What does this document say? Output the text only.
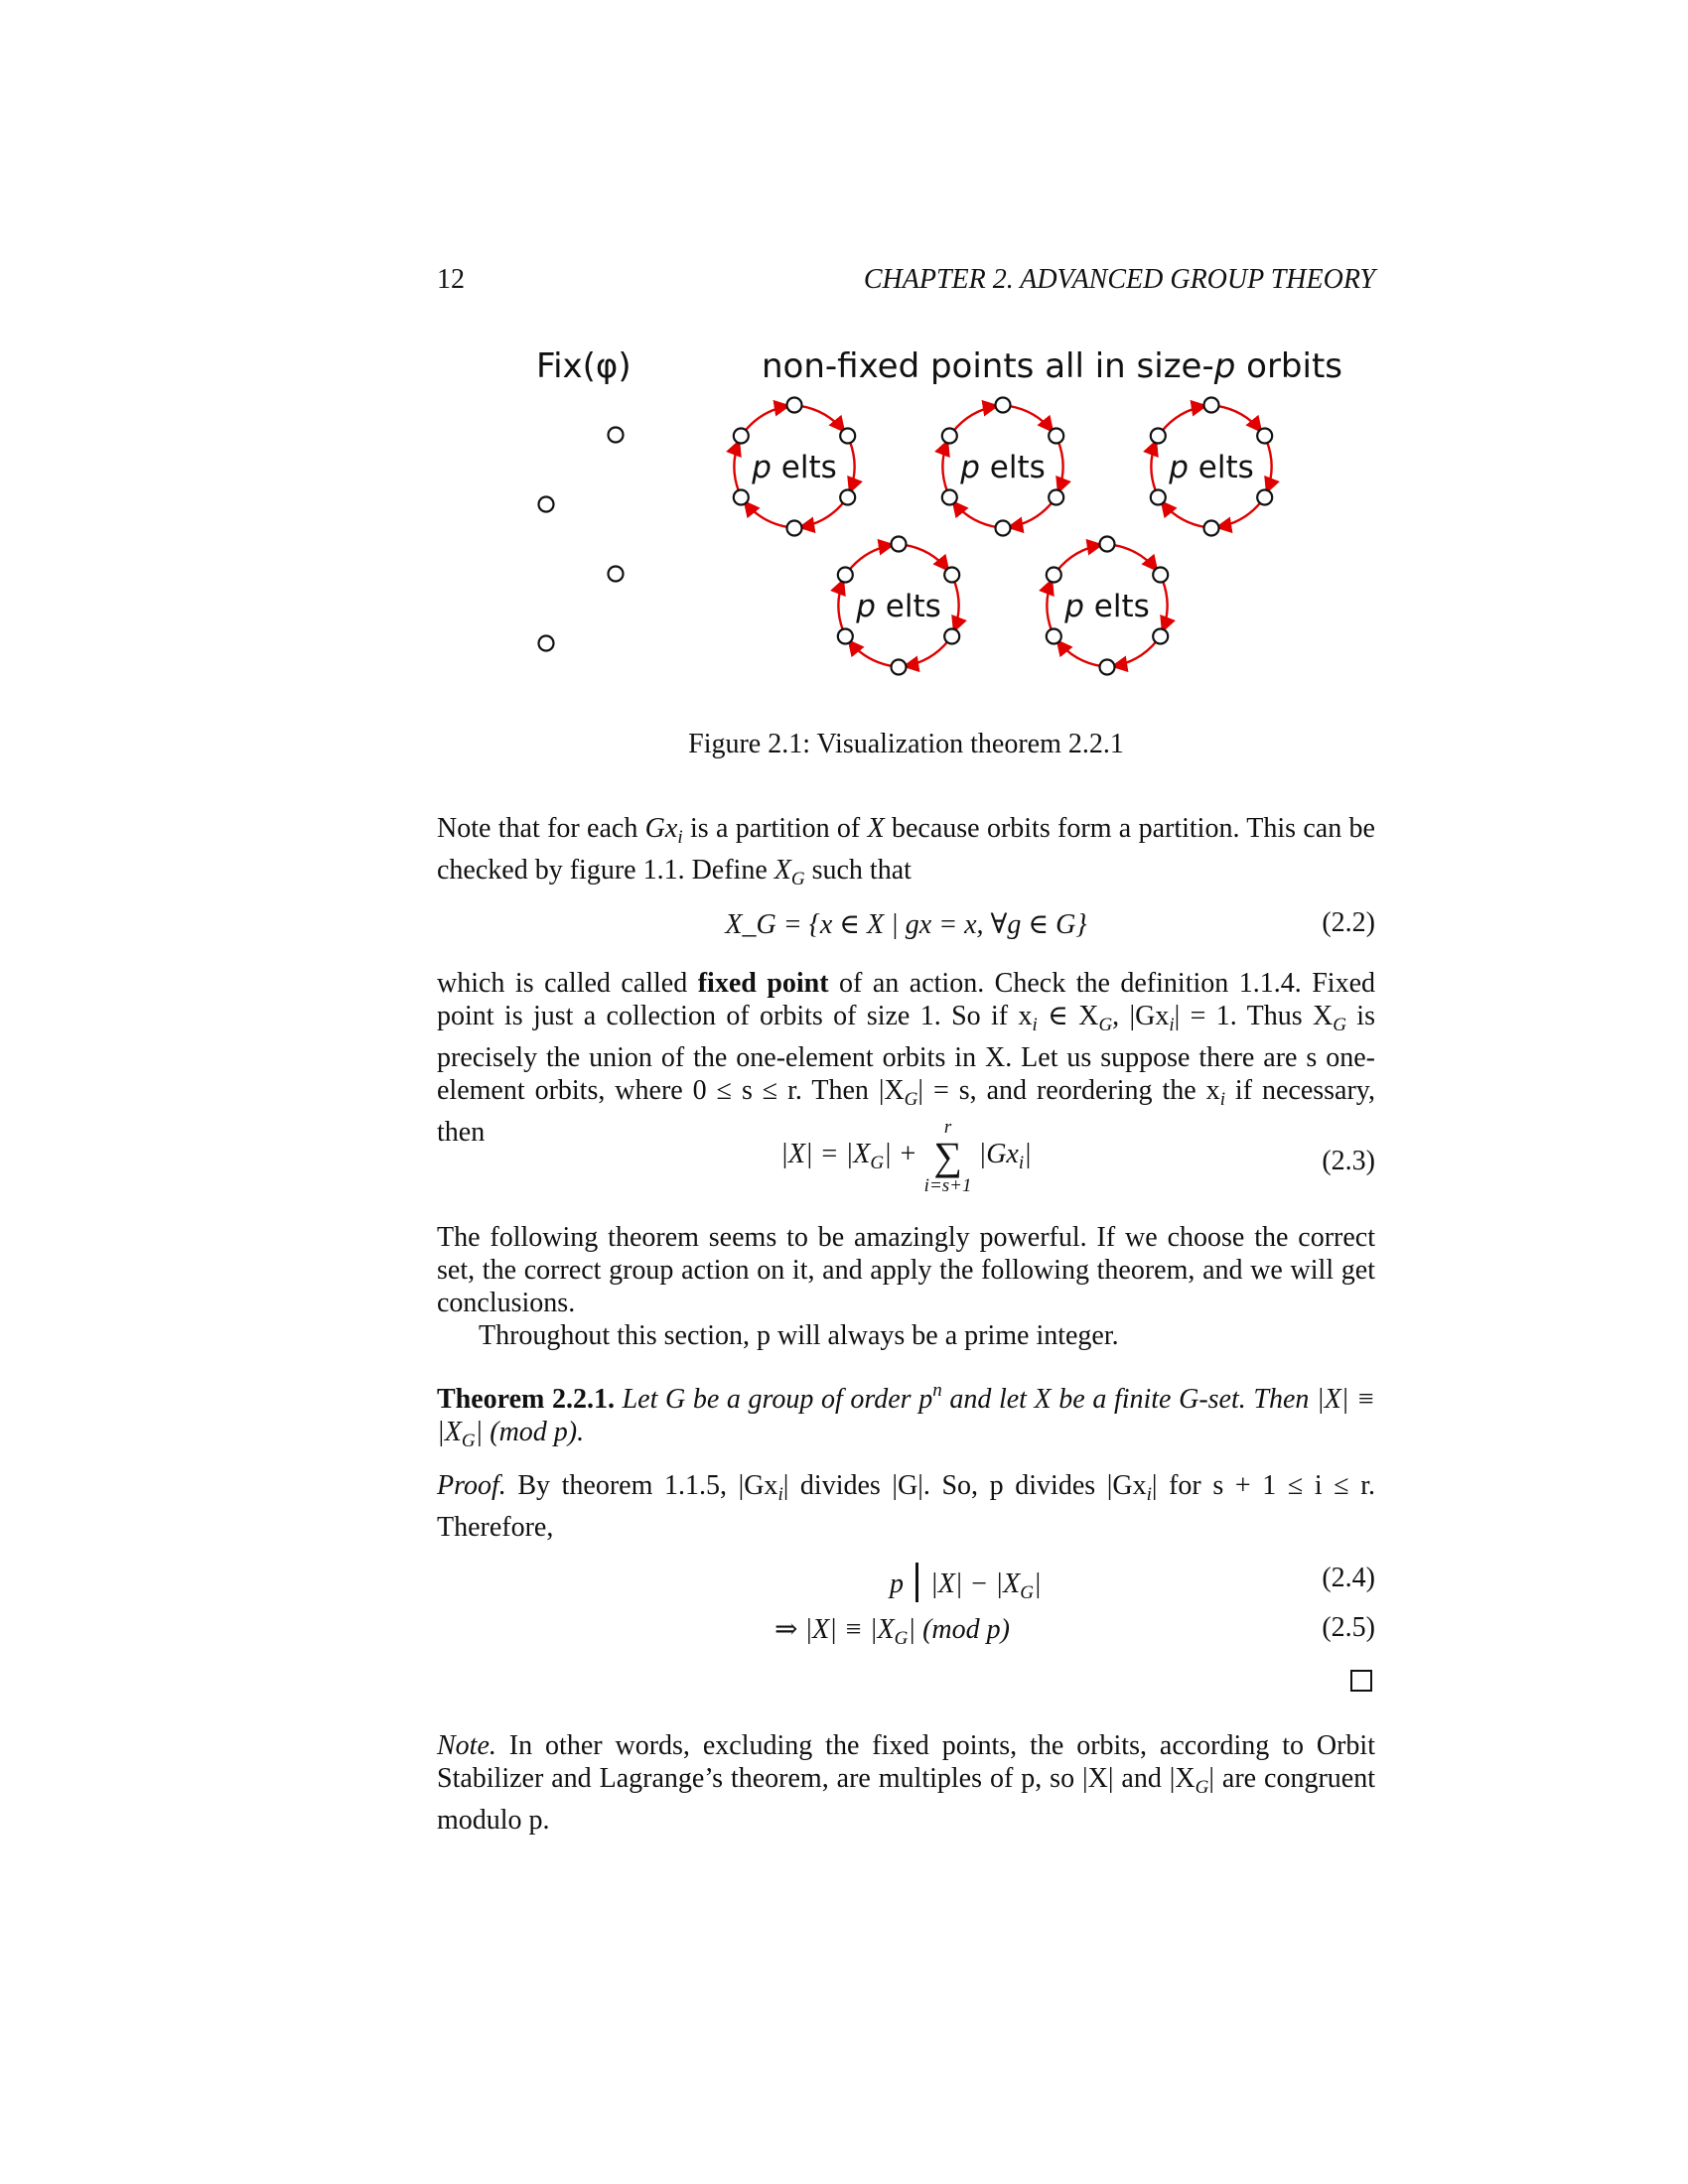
12	CHAPTER 2. ADVANCED GROUP THEORY
Fix(φ)	non-fixed points all in size-p orbits
p elts	p elts	p elts
p elts	p elts
Figure 2.1: Visualization theorem 2.2.1
Note that for each $Gx_i$ is a partition of X because orbits form a partition. This can be checked by figure 1.1. Define $X_G$ such that
X_G = {x ∈ X | gx = x, ∀g ∈ G}	(2.2)
which is called called fixed point of an action. Check the definition 1.1.4. Fixed point is just a collection of orbits of size 1. So if $x_i$ ∈ $X_G$, $|Gx_i| = 1$. Thus $X_G$ is precisely the union of the one-element orbits in X. Let us suppose there are s one-element orbits, where 0 ≤ s ≤ r. Then $|X_G| = s$, and reordering the $x_i$ if necessary, then
$|X| = |X_G|$ +
r
∑
i=s+1
$|Gx_i|$	(2.3)

The following theorem seems to be amazingly powerful. If we choose the correct set, the correct group action on it, and apply the following theorem, and we will get conclusions.

Throughout this section, p will always be a prime integer.

Theorem 2.2.1. Let G be a group of order $p^n$ and let X be a finite G-set. Then $|X| \equiv |X_G|$ (mod p).
Proof. By theorem 1.1.5, $|Gx_i|$ divides |G|. So, p divides $|Gx_i|$ for s + 1 ≤ i ≤ r. Therefore,
p $|X| - |X_G|$	(2.4)
⇒ $|X| \equiv |X_G|$ (mod p)	(2.5)
Note. In other words, excluding the fixed points, the orbits, according to Orbit Stabilizer and Lagrange’s theorem, are multiples of p, so |X| and $|X_G|$ are congruent modulo p.
